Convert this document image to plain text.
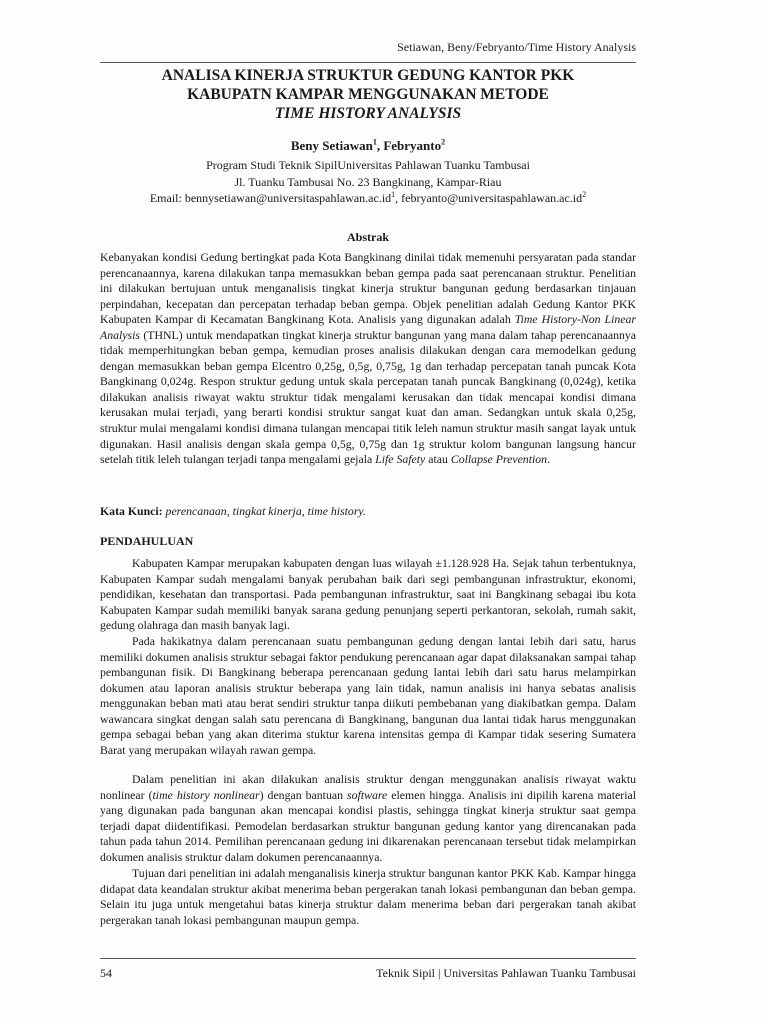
Setiawan, Beny/Febryanto/Time History Analysis
ANALISA KINERJA STRUKTUR GEDUNG KANTOR PKK
KABUPATN KAMPAR MENGGUNAKAN METODE
TIME HISTORY ANALYSIS
Beny Setiawan$^1$, Febryanto$^2$
Program Studi Teknik SipilUniversitas Pahlawan Tuanku Tambusai
Jl. Tuanku Tambusai No. 23 Bangkinang, Kampar-Riau
Email: $bennysetiawan@universitaspahlawan.ac.id^1$, $febryanto@universitaspahlawan.ac.id^2$
Abstrak

Kebanyakan kondisi Gedung bertingkat pada Kota Bangkinang dinilai tidak memenuhi persyaratan pada standar perencanaannya, karena dilakukan tanpa memasukkan beban gempa pada saat perencanaan struktur. Penelitian ini dilakukan bertujuan untuk menganalisis tingkat kinerja struktur bangunan gedung berdasarkan tinjauan perpindahan, kecepatan dan percepatan terhadap beban gempa. Objek penelitian adalah Gedung Kantor PKK Kabupaten Kampar di Kecamatan Bangkinang Kota. Analisis yang digunakan adalah Time History-Non Linear Analysis (THNL) untuk mendapatkan tingkat kinerja struktur bangunan yang mana dalam tahap perencanaannya tidak memperhitungkan beban gempa, kemudian proses analisis dilakukan dengan cara memodelkan gedung dengan memasukkan beban gempa Elcentro 0,25g, 0,5g, 0,75g, 1g dan terhadap percepatan tanah puncak Kota Bangkinang 0,024g. Respon struktur gedung untuk skala percepatan tanah puncak Bangkinang (0,024g), ketika dilakukan analisis riwayat waktu struktur tidak mengalami kerusakan dan tidak mencapai kondisi dimana kerusakan mulai terjadi, yang berarti kondisi struktur sangat kuat dan aman. Sedangkan untuk skala 0,25g, struktur mulai mengalami kondisi dimana tulangan mencapai titik leleh namun struktur masih sangat layak untuk digunakan. Hasil analisis dengan skala gempa 0,5g, 0,75g dan 1g struktur kolom bangunan langsung hancur setelah titik leleh tulangan terjadi tanpa mengalami gejala Life Safety atau Collapse Prevention.

Kata Kunci: perencanaan, tingkat kinerja, time history.
PENDAHULUAN

Kabupaten Kampar merupakan kabupaten dengan luas wilayah ±1.128.928 Ha. Sejak tahun terbentuknya, Kabupaten Kampar sudah mengalami banyak perubahan baik dari segi pembangunan infrastruktur, ekonomi, pendidikan, kesehatan dan transportasi. Pada pembangunan infrastruktur, saat ini Bangkinang sebagai ibu kota Kabupaten Kampar sudah memiliki banyak sarana gedung penunjang seperti perkantoran, sekolah, rumah sakit, gedung olahraga dan masih banyak lagi.

Pada hakikatnya dalam perencanaan suatu pembangunan gedung dengan lantai lebih dari satu, harus memiliki dokumen analisis struktur sebagai faktor pendukung perencanaan agar dapat dilaksanakan sampai tahap pembangunan fisik. Di Bangkinang beberapa perencanaan gedung lantai lebih dari satu harus melampirkan dokumen atau laporan analisis struktur beberapa yang lain tidak, namun analisis ini hanya sebatas analisis menggunakan beban mati atau berat sendiri struktur tanpa diikuti pembebanan yang diakibatkan gempa. Dalam wawancara singkat dengan salah satu perencana di Bangkinang, bangunan dua lantai tidak harus menggunakan gempa sebagai beban yang akan diterima stuktur karena intensitas gempa di Kampar tidak sesering Sumatera Barat yang merupakan wilayah rawan gempa.

Dalam penelitian ini akan dilakukan analisis struktur dengan menggunakan analisis riwayat waktu nonlinear (time history nonlinear) dengan bantuan software elemen hingga. Analisis ini dipilih karena material yang digunakan pada bangunan akan mencapai kondisi plastis, sehingga tingkat kinerja struktur saat gempa terjadi dapat diidentifikasi. Pemodelan berdasarkan struktur bangunan gedung kantor yang direncanakan pada tahun pada tahun 2014. Pemilihan perencanaan gedung ini dikarenakan perencanaan tersebut tidak melampirkan dokumen analisis struktur dalam dokumen perencanaannya.

Tujuan dari penelitian ini adalah menganalisis kinerja struktur bangunan kantor PKK Kab. Kampar hingga didapat data keandalan struktur akibat menerima beban pergerakan tanah lokasi pembangunan dan beban gempa. Selain itu juga untuk mengetahui batas kinerja struktur dalam menerima beban dari pergerakan tanah akibat pergerakan tanah lokasi pembangunan maupun gempa.

54	Teknik Sipil | Universitas Pahlawan Tuanku Tambusai
